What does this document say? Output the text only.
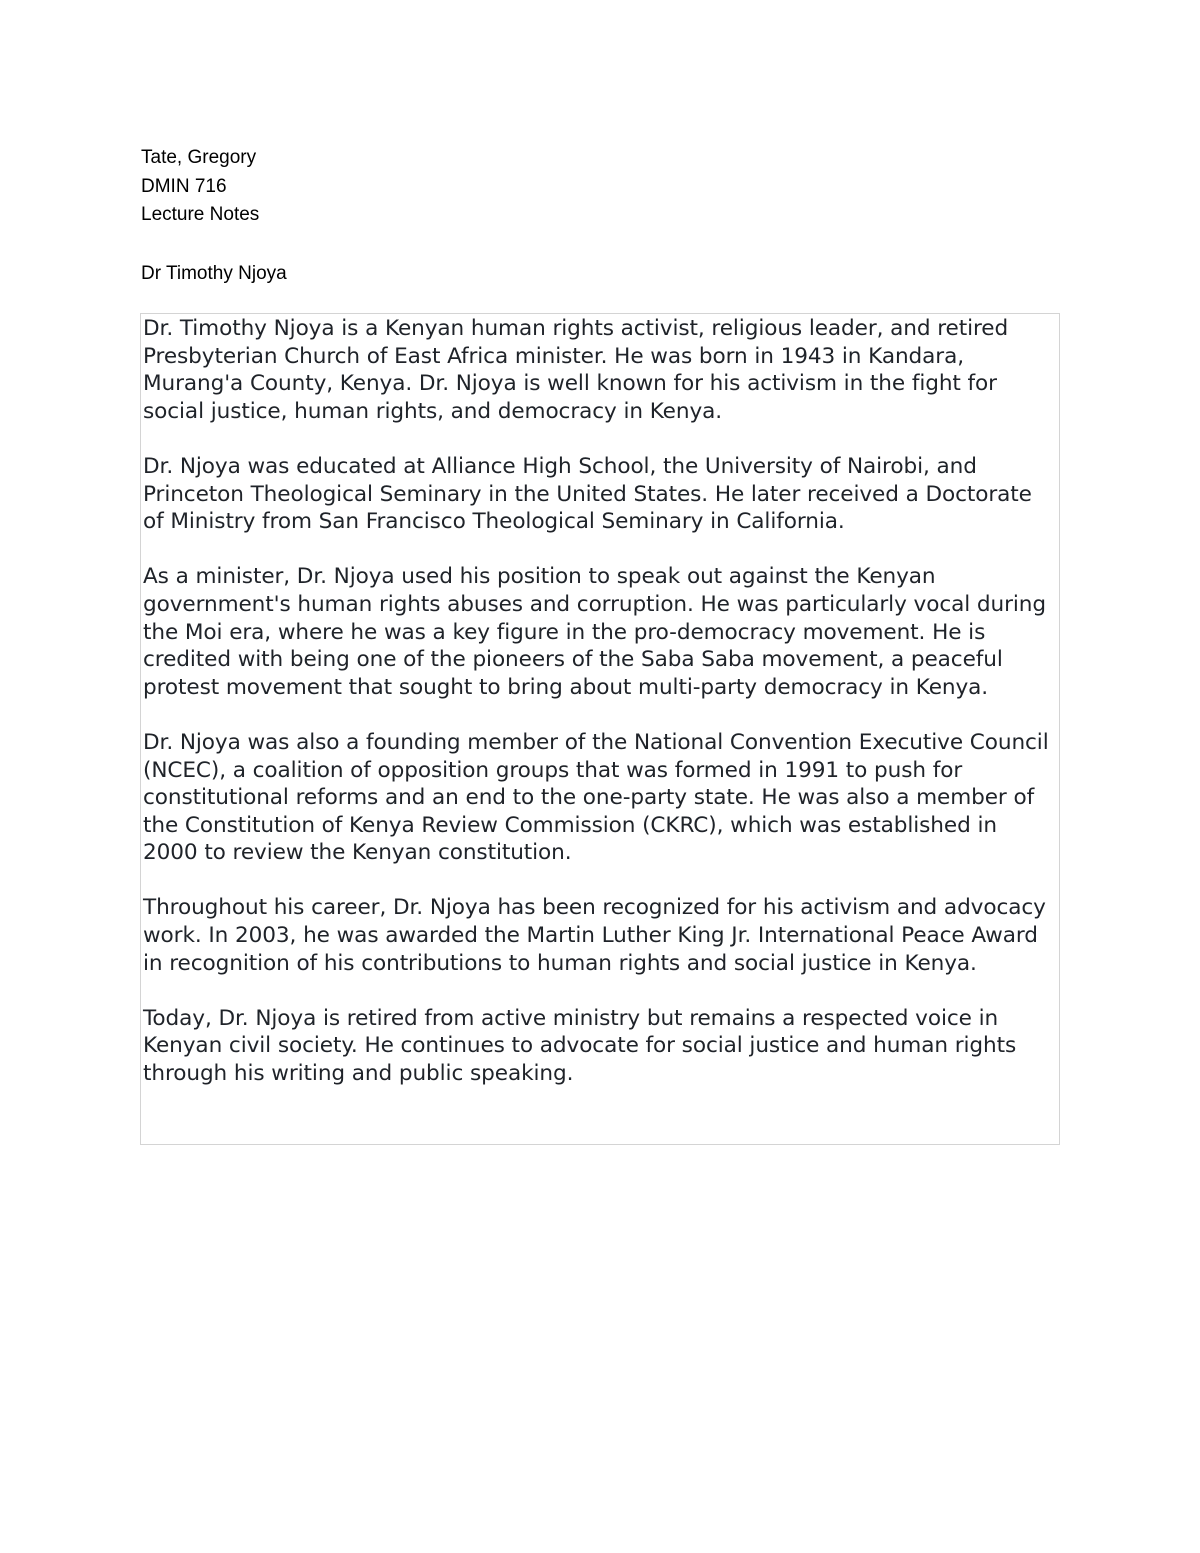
Tate, Gregory
DMIN 716
Lecture Notes
Dr Timothy Njoya

Dr. Timothy Njoya is a Kenyan human rights activist, religious leader, and retired Presbyterian Church of East Africa minister. He was born in 1943 in Kandara, Murang'a County, Kenya. Dr. Njoya is well known for his activism in the fight for social justice, human rights, and democracy in Kenya.

Dr. Njoya was educated at Alliance High School, the University of Nairobi, and Princeton Theological Seminary in the United States. He later received a Doctorate of Ministry from San Francisco Theological Seminary in California.

As a minister, Dr. Njoya used his position to speak out against the Kenyan government's human rights abuses and corruption. He was particularly vocal during the Moi era, where he was a key figure in the pro-democracy movement. He is credited with being one of the pioneers of the Saba Saba movement, a peaceful protest movement that sought to bring about multi-party democracy in Kenya.

Dr. Njoya was also a founding member of the National Convention Executive Council (NCEC), a coalition of opposition groups that was formed in 1991 to push for constitutional reforms and an end to the one-party state. He was also a member of the Constitution of Kenya Review Commission (CKRC), which was established in 2000 to review the Kenyan constitution.

Throughout his career, Dr. Njoya has been recognized for his activism and advocacy work. In 2003, he was awarded the Martin Luther King Jr. International Peace Award in recognition of his contributions to human rights and social justice in Kenya.

Today, Dr. Njoya is retired from active ministry but remains a respected voice in Kenyan civil society. He continues to advocate for social justice and human rights through his writing and public speaking.
